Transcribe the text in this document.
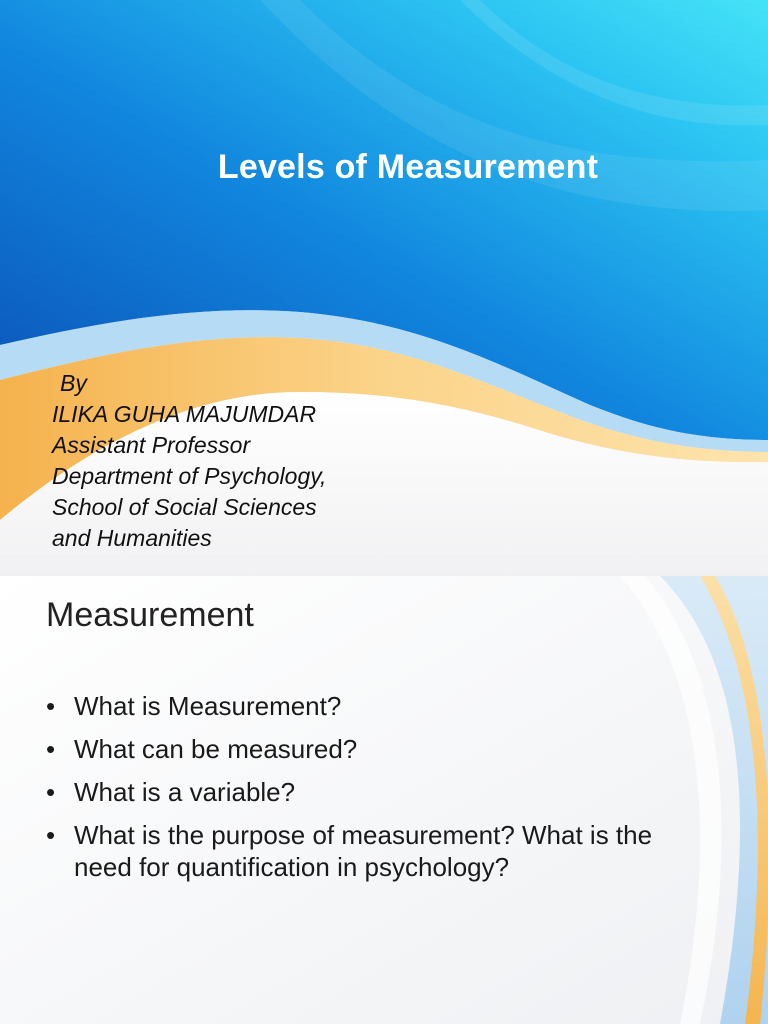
Levels of Measurement
By
ILIKA GUHA MAJUMDAR
Assistant Professor
Department of Psychology,
School of Social Sciences
and Humanities
Measurement
• What is Measurement?
• What can be measured?
• What is a variable?
• What is the purpose of measurement? What is the need for quantification in psychology?
